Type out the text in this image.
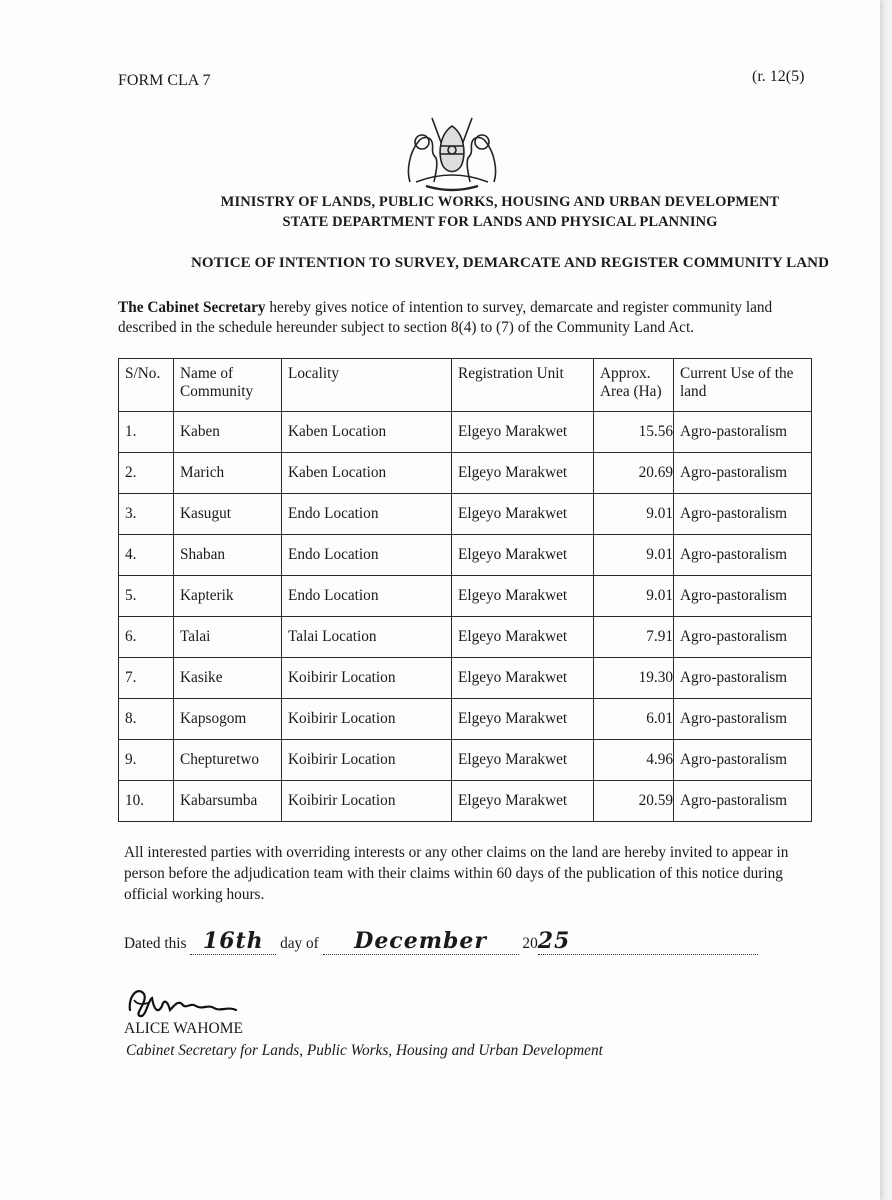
FORM CLA 7	(r. 12(5)
MINISTRY OF LANDS, PUBLIC WORKS, HOUSING AND URBAN DEVELOPMENT
STATE DEPARTMENT FOR LANDS AND PHYSICAL PLANNING
NOTICE OF INTENTION TO SURVEY, DEMARCATE AND REGISTER COMMUNITY LAND
The Cabinet Secretary hereby gives notice of intention to survey, demarcate and register community land described in the schedule hereunder subject to section 8(4) to (7) of the Community Land Act.
S/No.	Name of Community	Locality	Registration Unit	Approx. Area (Ha)	Current Use of the land
1.	Kaben	Kaben Location	Elgeyo Marakwet	15.56	Agro-pastoralism
2.	Marich	Kaben Location	Elgeyo Marakwet	20.69	Agro-pastoralism
3.	Kasugut	Endo Location	Elgeyo Marakwet	9.01	Agro-pastoralism
4.	Shaban	Endo Location	Elgeyo Marakwet	9.01	Agro-pastoralism
5.	Kapterik	Endo Location	Elgeyo Marakwet	9.01	Agro-pastoralism
6.	Talai	Talai Location	Elgeyo Marakwet	7.91	Agro-pastoralism
7.	Kasike	Koibirir Location	Elgeyo Marakwet	19.30	Agro-pastoralism
8.	Kapsogom	Koibirir Location	Elgeyo Marakwet	6.01	Agro-pastoralism
9.	Chepturetwo	Koibirir Location	Elgeyo Marakwet	4.96	Agro-pastoralism
10.	Kabarsumba	Koibirir Location	Elgeyo Marakwet	20.59	Agro-pastoralism
All interested parties with overriding interests or any other claims on the land are hereby invited to appear in person before the adjudication team with their claims within 60 days of the publication of this notice during official working hours.
Dated this 16th day of December 2025
ALICE WAHOME
Cabinet Secretary for Lands, Public Works, Housing and Urban Development
